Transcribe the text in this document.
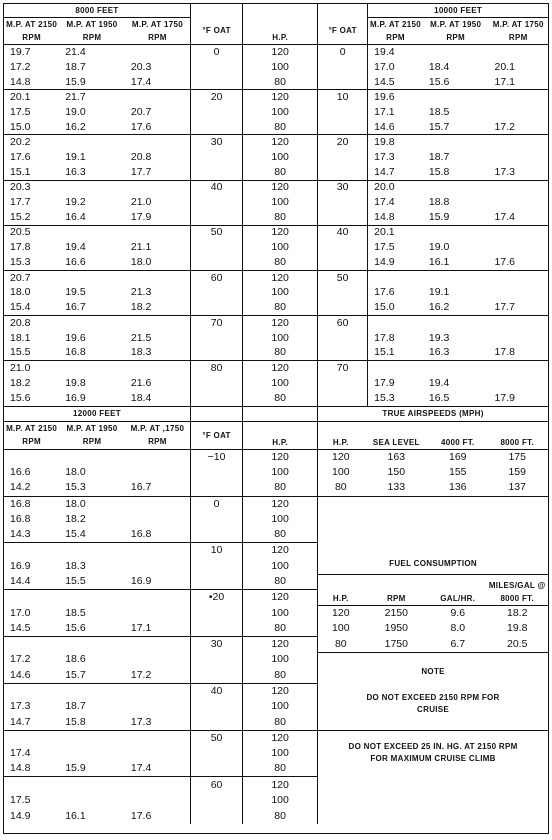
8000 FEET						10000 FEET		
M.P. AT 2150 RPM	M.P. AT 1950 RPM	M.P. AT 1750 RPM	°F OAT	H.P.	°F OAT	M.P. AT 2150 RPM	M.P. AT 1950 RPM	M.P. AT 1750 RPM
19.7	21.4		0	120	0	19.4		
17.2	18.7	20.3		100		17.0	18.4	20.1
14.8	15.9	17.4		80		14.5	15.6	17.1
20.1	21.7		20	120	10	19.6		
17.5	19.0	20.7		100		17.1	18.5	
15.0	16.2	17.6		80		14.6	15.7	17.2
20.2			30	120	20	19.8		
17.6	19.1	20.8		100		17.3	18.7	
15.1	16.3	17.7		80		14.7	15.8	17.3
20.3			40	120	30	20.0		
17.7	19.2	21.0		100		17.4	18.8	
15.2	16.4	17.9		80		14.8	15.9	17.4
20.5			50	120	40	20.1		
17.8	19.4	21.1		100		17.5	19.0	
15.3	16.6	18.0		80		14.9	16.1	17.6
20.7			60	120	50			
18.0	19.5	21.3		100		17.6	19.1	
15.4	16.7	18.2		80		15.0	16.2	17.7
20.8			70	120	60			
18.1	19.6	21.5		100		17.8	19.3	
15.5	16.8	18.3		80		15.1	16.3	17.8
21.0			80	120	70			
18.2	19.8	21.6		100		17.9	19.4	
15.6	16.9	18.4		80		15.3	16.5	17.9
12000 FEET					TRUE AIRSPEEDS (MPH)			
M.P. AT 2150 RPM	M.P. AT 1950 RPM	M.P. AT ,1750 RPM	°F OAT	H.P.	H.P.	SEA LEVEL	4000 FT.	8000 FT.
			−10	120	120	163	169	175
16.6	18.0			100	100	150	155	159
14.2	15.3	16.7		80	80	133	136	137
16.8	18.0		0	120	FUEL CONSUMPTION			
16.8	18.2			100				
14.3	15.4	16.8		80				
			10	120				
16.9	18.3			100				
14.4	15.5	16.9		80	H.P.	RPM	GAL/HR.	MILES/GAL @ 8000 FT.
			•20	120				
17.0	18.5			100	120	2150	9.6	18.2
14.5	15.6	17.1		80	100	1950	8.0	19.8
			30	120	80	1750	6.7	20.5
17.2	18.6			100	NOTE
DO NOT EXCEED 2150 RPM FOR CRUISE			

14.6	15.7	17.2		80				
			40	120				
17.3	18.7			100				
14.7	15.8	17.3		80				
			50	120	DO NOT EXCEED 25 IN. HG. AT 2150 RPM FOR MAXIMUM CRUISE CLIMB			

17.4				100				
14.8	15.9	17.4		80				
			60	120				
17.5				100				
14.9	16.1	17.6		80				
